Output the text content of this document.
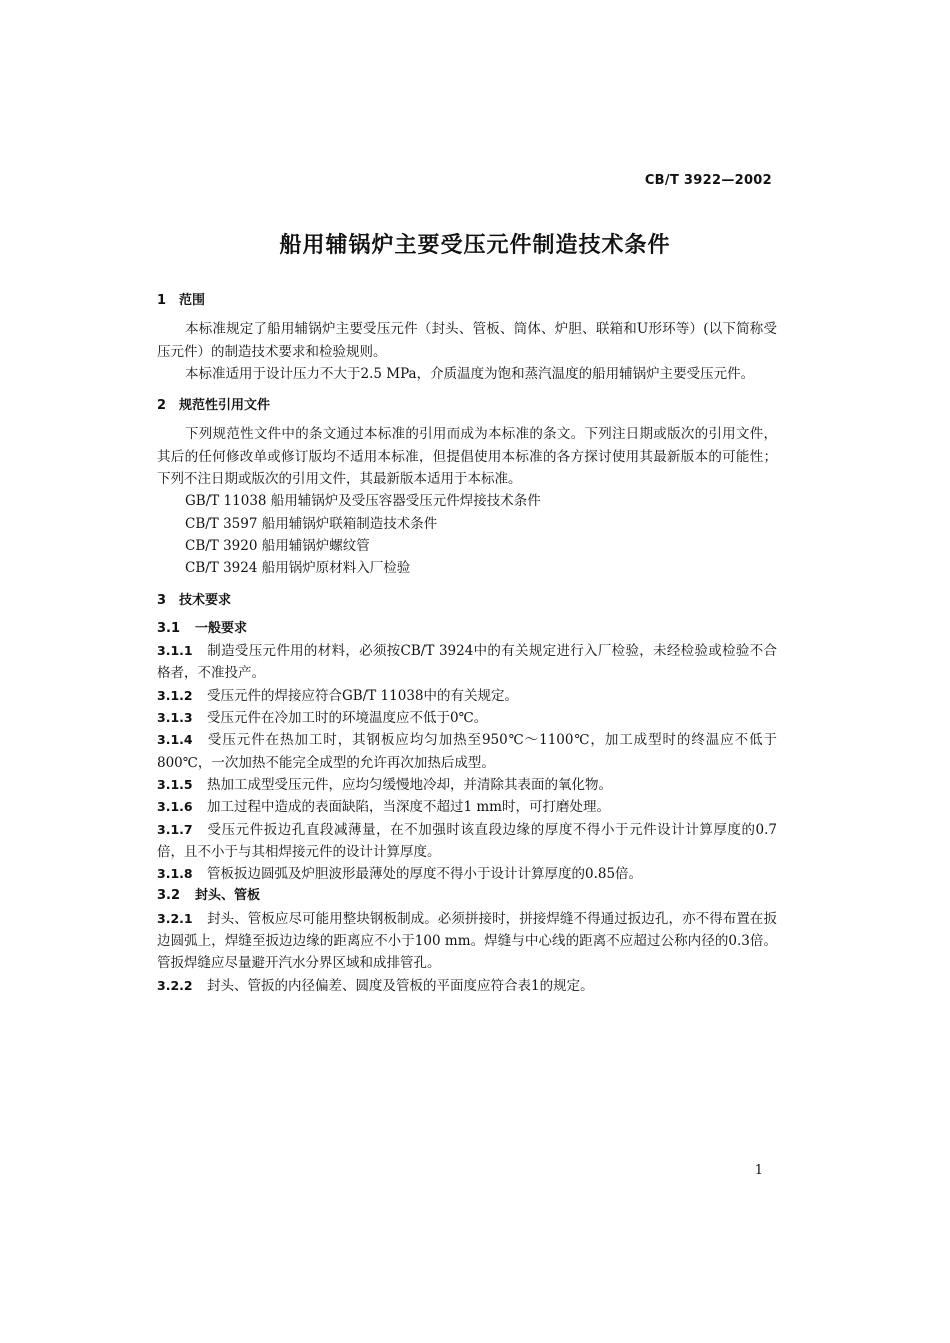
CB/T 3922—2002
船用辅锅炉主要受压元件制造技术条件
1 范围

本标准规定了船用辅锅炉主要受压元件（封头、管板、筒体、炉胆、联箱和U形环等）(以下简称受压元件）的制造技术要求和检验规则。

本标准适用于设计压力不大于2.5 MPa，介质温度为饱和蒸汽温度的船用辅锅炉主要受压元件。

2 规范性引用文件

下列规范性文件中的条文通过本标准的引用而成为本标准的条文。下列注日期或版次的引用文件，其后的任何修改单或修订版均不适用本标准，但提倡使用本标准的各方探讨使用其最新版本的可能性；下列不注日期或版次的引用文件，其最新版本适用于本标准。

GB/T 11038 船用辅锅炉及受压容器受压元件焊接技术条件
CB/T 3597 船用辅锅炉联箱制造技术条件
CB/T 3920 船用辅锅炉螺纹管
CB/T 3924 船用锅炉原材料入厂检验
3 技术要求
3.1 一般要求

3.1.1 制造受压元件用的材料，必须按CB/T 3924中的有关规定进行入厂检验，未经检验或检验不合格者，不准投产。

3.1.2 受压元件的焊接应符合GB/T 11038中的有关规定。

3.1.3 受压元件在冷加工时的环境温度应不低于0℃。

3.1.4 受压元件在热加工时，其钢板应均匀加热至950℃～1100℃，加工成型时的终温应不低于800℃，一次加热不能完全成型的允许再次加热后成型。

3.1.5 热加工成型受压元件，应均匀缓慢地冷却，并清除其表面的氧化物。

3.1.6 加工过程中造成的表面缺陷，当深度不超过1 mm时，可打磨处理。

3.1.7 受压元件扳边孔直段减薄量，在不加强时该直段边缘的厚度不得小于元件设计计算厚度的0.7倍，且不小于与其相焊接元件的设计计算厚度。

3.1.8 管板扳边圆弧及炉胆波形最薄处的厚度不得小于设计计算厚度的0.85倍。

3.2 封头、管板

3.2.1 封头、管板应尽可能用整块钢板制成。必须拼接时，拼接焊缝不得通过扳边孔，亦不得布置在扳边圆弧上，焊缝至扳边边缘的距离应不小于100 mm。焊缝与中心线的距离不应超过公称内径的0.3倍。管扳焊缝应尽量避开汽水分界区域和成排管孔。

3.2.2 封头、管扳的内径偏差、圆度及管板的平面度应符合表1的规定。

1
